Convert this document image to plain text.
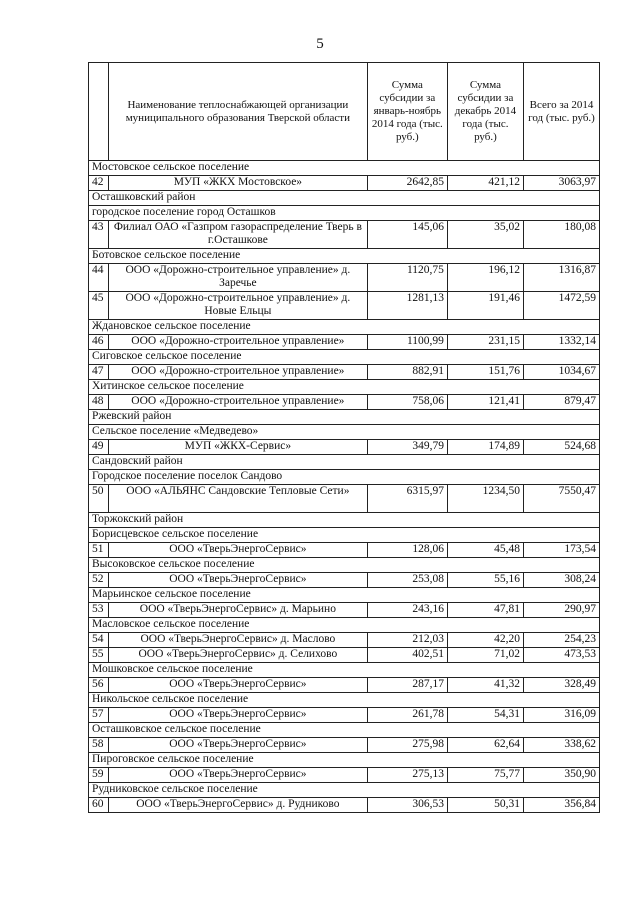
5
	Наименование теплоснабжающей организации муниципального образования Тверской области	Сумма субсидии за январь-ноябрь 2014 года (тыс. руб.)	Сумма субсидии за декабрь 2014 года (тыс. руб.)	Всего за 2014 год (тыс. руб.)
Мостовское сельское поселение				
42	МУП «ЖКХ Мостовское»	2642,85	421,12	3063,97
Осташковский район				
городское поселение город Осташков				
43	Филиал ОАО «Газпром газораспределение Тверь в г.Осташкове	145,06	35,02	180,08
Ботовское сельское поселение				
44	ООО «Дорожно-строительное управление» д. Заречье	1120,75	196,12	1316,87
45	ООО «Дорожно-строительное управление» д. Новые Ельцы	1281,13	191,46	1472,59
Ждановское сельское поселение				
46	ООО «Дорожно-строительное управление»	1100,99	231,15	1332,14
Сиговское сельское поселение				
47	ООО «Дорожно-строительное управление»	882,91	151,76	1034,67
Хитинское сельское поселение				
48	ООО «Дорожно-строительное управление»	758,06	121,41	879,47
Ржевский район				
Сельское поселение «Медведево»				
49	МУП «ЖКХ-Сервис»	349,79	174,89	524,68
Сандовский район				
Городское поселение поселок Сандово				
50	ООО «АЛЬЯНС Сандовские Тепловые Сети»	6315,97	1234,50	7550,47
Торжокский район				
Борисцевское сельское поселение				
51	ООО «ТверьЭнергоСервис»	128,06	45,48	173,54
Высоковское сельское поселение				
52	ООО «ТверьЭнергоСервис»	253,08	55,16	308,24
Марьинское сельское поселение				
53	ООО «ТверьЭнергоСервис» д. Марьино	243,16	47,81	290,97
Масловское сельское поселение				
54	ООО «ТверьЭнергоСервис» д. Маслово	212,03	42,20	254,23
55	ООО «ТверьЭнергоСервис» д. Селихово	402,51	71,02	473,53
Мошковское сельское поселение				
56	ООО «ТверьЭнергоСервис»	287,17	41,32	328,49
Никольское сельское поселение				
57	ООО «ТверьЭнергоСервис»	261,78	54,31	316,09
Осташковское сельское поселение				
58	ООО «ТверьЭнергоСервис»	275,98	62,64	338,62
Пироговское сельское поселение				
59	ООО «ТверьЭнергоСервис»	275,13	75,77	350,90
Рудниковское сельское поселение				
60	ООО «ТверьЭнергоСервис» д. Рудниково	306,53	50,31	356,84
